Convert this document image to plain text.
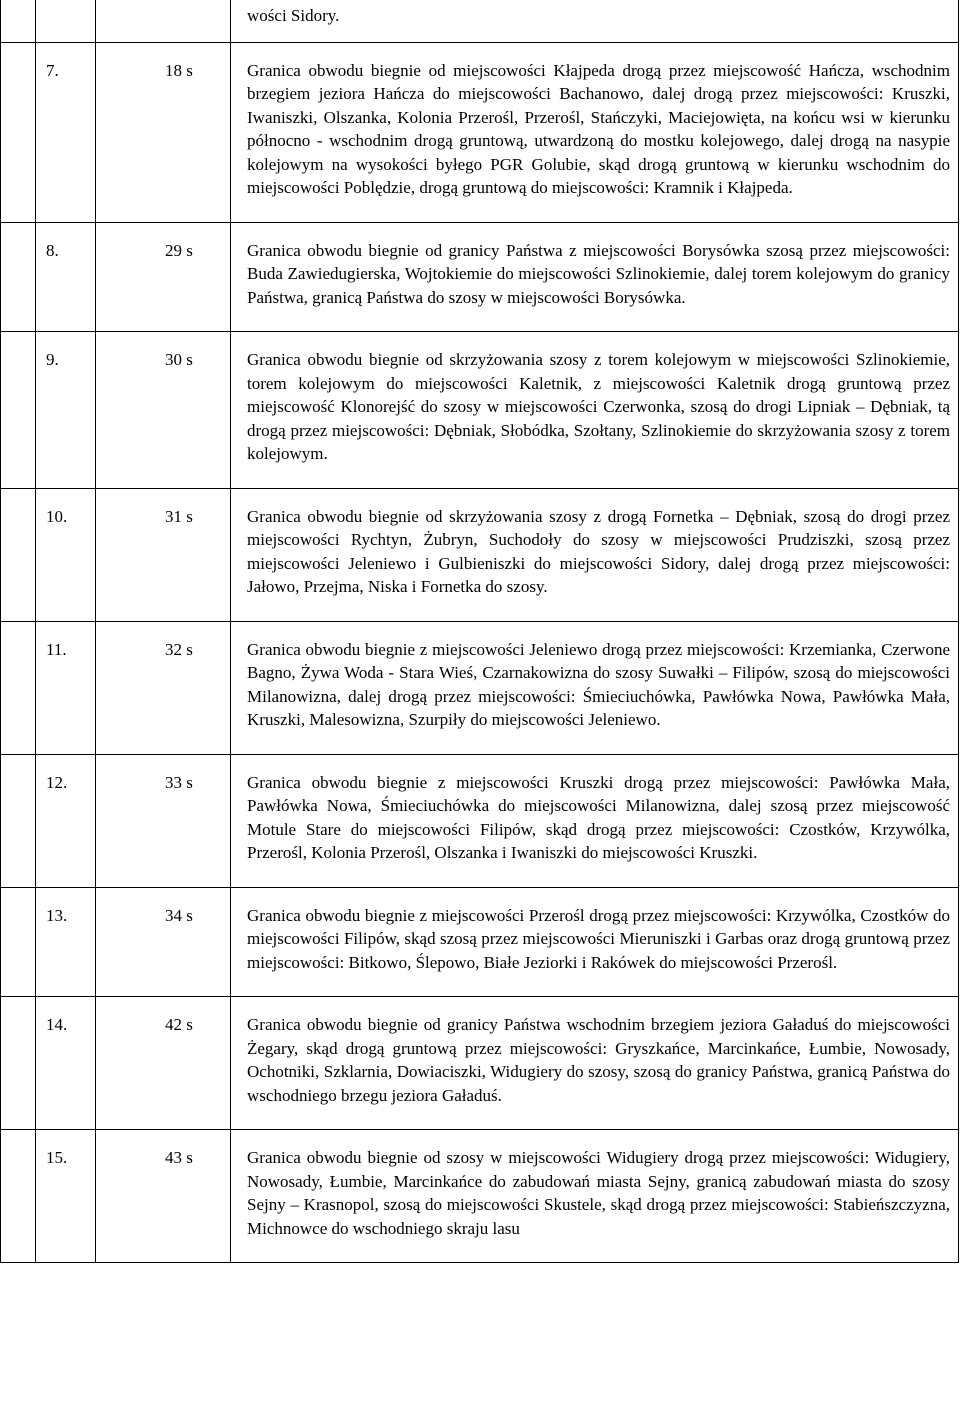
			wości Sidory.
	7.	18 s	Granica obwodu biegnie od miejscowości Kłajpeda drogą przez miejscowość Hańcza, wschodnim brzegiem jeziora Hańcza do miejscowości Bachanowo, dalej drogą przez miejscowości: Kruszki, Iwaniszki, Olszanka, Kolonia Przerośl, Przerośl, Stańczyki, Maciejowięta, na końcu wsi w kierunku północno - wschodnim drogą gruntową, utwardzoną do mostku kolejowego, dalej drogą na nasypie kolejowym na wysokości byłego PGR Golubie, skąd drogą gruntową w kierunku wschodnim do miejscowości Poblędzie, drogą gruntową do miejscowości: Kramnik i Kłajpeda.
	8.	29 s	Granica obwodu biegnie od granicy Państwa z miejscowości Borysówka szosą przez miejscowości: Buda Zawiedugierska, Wojtokiemie do miejscowości Szlinokiemie, dalej torem kolejowym do granicy Państwa, granicą Państwa do szosy w miejscowości Borysówka.
	9.	30 s	Granica obwodu biegnie od skrzyżowania szosy z torem kolejowym w miejscowości Szlinokiemie, torem kolejowym do miejscowości Kaletnik, z miejscowości Kaletnik drogą gruntową przez miejscowość Klonorejść do szosy w miejscowości Czerwonka, szosą do drogi Lipniak – Dębniak, tą drogą przez miejscowości: Dębniak, Słobódka, Szołtany, Szlinokiemie do skrzyżowania szosy z torem kolejowym.
	10.	31 s	Granica obwodu biegnie od skrzyżowania szosy z drogą Fornetka – Dębniak, szosą do drogi przez miejscowości Rychtyn, Żubryn, Suchodoły do szosy w miejscowości Prudziszki, szosą przez miejscowości Jeleniewo i Gulbieniszki do miejscowości Sidory, dalej drogą przez miejscowości: Jałowo, Przejma, Niska i Fornetka do szosy.
	11.	32 s	Granica obwodu biegnie z miejscowości Jeleniewo drogą przez miejscowości: Krzemianka, Czerwone Bagno, Żywa Woda - Stara Wieś, Czarnakowizna do szosy Suwałki – Filipów, szosą do miejscowości Milanowizna, dalej drogą przez miejscowości: Śmieciuchówka, Pawłówka Nowa, Pawłówka Mała, Kruszki, Malesowizna, Szurpiły do miejscowości Jeleniewo.
	12.	33 s	Granica obwodu biegnie z miejscowości Kruszki drogą przez miejscowości: Pawłówka Mała, Pawłówka Nowa, Śmieciuchówka do miejscowości Milanowizna, dalej szosą przez miejscowość Motule Stare do miejscowości Filipów, skąd drogą przez miejscowości: Czostków, Krzywólka, Przerośl, Kolonia Przerośl, Olszanka i Iwaniszki do miejscowości Kruszki.
	13.	34 s	Granica obwodu biegnie z miejscowości Przerośl drogą przez miejscowości: Krzywólka, Czostków do miejscowości Filipów, skąd szosą przez miejscowości Mieruniszki i Garbas oraz drogą gruntową przez miejscowości: Bitkowo, Ślepowo, Białe Jeziorki i Rakówek do miejscowości Przerośl.
	14.	42 s	Granica obwodu biegnie od granicy Państwa wschodnim brzegiem jeziora Gaładuś do miejscowości Żegary, skąd drogą gruntową przez miejscowości: Gryszkańce, Marcinkańce, Łumbie, Nowosady, Ochotniki, Szklarnia, Dowiaciszki, Widugiery do szosy, szosą do granicy Państwa, granicą Państwa do wschodniego brzegu jeziora Gaładuś.
	15.	43 s	Granica obwodu biegnie od szosy w miejscowości Widugiery drogą przez miejscowości: Widugiery, Nowosady, Łumbie, Marcinkańce do zabudowań miasta Sejny, granicą zabudowań miasta do szosy Sejny – Krasnopol, szosą do miejscowości Skustele, skąd drogą przez miejscowości: Stabieńszczyzna, Michnowce do wschodniego skraju lasu
